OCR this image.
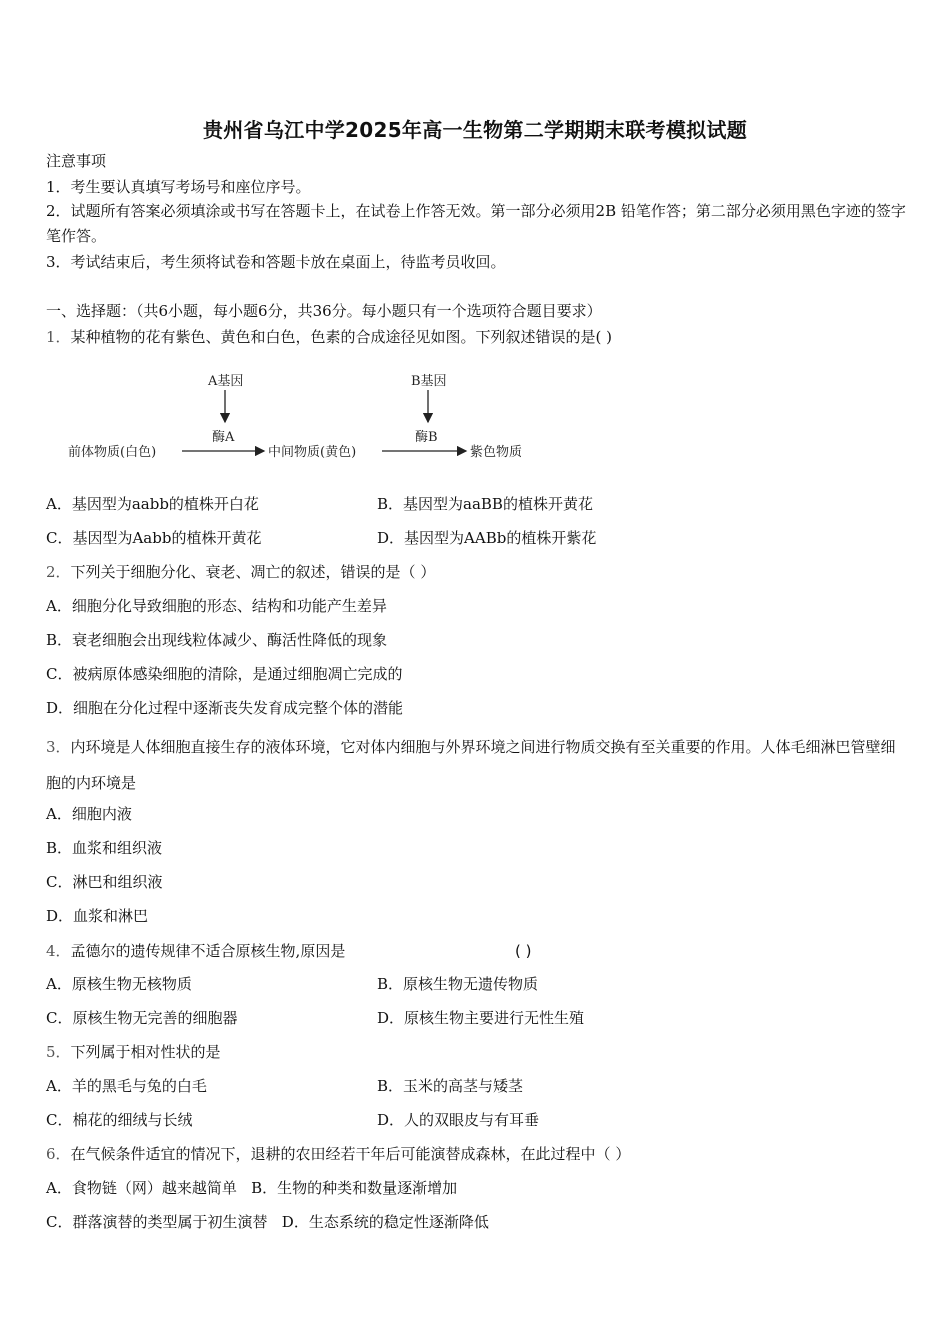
贵州省乌江中学2025年高一生物第二学期期末联考模拟试题
注意事项
1．考生要认真填写考场号和座位序号。
2．试题所有答案必须填涂或书写在答题卡上，在试卷上作答无效。第一部分必须用2B 铅笔作答；第二部分必须用黑色字迹的签字笔作答。
3．考试结束后，考生须将试卷和答题卡放在桌面上，待监考员收回。
一、选择题：（共6小题，每小题6分，共36分。每小题只有一个选项符合题目要求）
1．某种植物的花有紫色、黄色和白色，色素的合成途径见如图。下列叙述错误的是( )
A基因
酶A
B基因
酶B
前体物质(白色)	中间物质(黄色)	紫色物质
A．基因型为aabb的植株开白花	B．基因型为aaBB的植株开黄花
C．基因型为Aabb的植株开黄花	D．基因型为AABb的植株开紫花
2．下列关于细胞分化、衰老、凋亡的叙述，错误的是（ ）
A．细胞分化导致细胞的形态、结构和功能产生差异
B．衰老细胞会出现线粒体减少、酶活性降低的现象
C．被病原体感染细胞的清除，是通过细胞凋亡完成的
D．细胞在分化过程中逐渐丧失发育成完整个体的潜能
3．内环境是人体细胞直接生存的液体环境，它对体内细胞与外界环境之间进行物质交换有至关重要的作用。人体毛细淋巴管壁细胞的内环境是
A．细胞内液
B．血浆和组织液
C．淋巴和组织液
D．血浆和淋巴
4．孟德尔的遗传规律不适合原核生物,原因是	( )
A．原核生物无核物质	B．原核生物无遗传物质
C．原核生物无完善的细胞器	D．原核生物主要进行无性生殖
5．下列属于相对性状的是
A．羊的黑毛与兔的白毛	B．玉米的高茎与矮茎
C．棉花的细绒与长绒	D．人的双眼皮与有耳垂
6．在气候条件适宜的情况下，退耕的农田经若干年后可能演替成森林，在此过程中（ ）
A．食物链（网）越来越简单 B．生物的种类和数量逐渐增加
C．群落演替的类型属于初生演替 D．生态系统的稳定性逐渐降低
